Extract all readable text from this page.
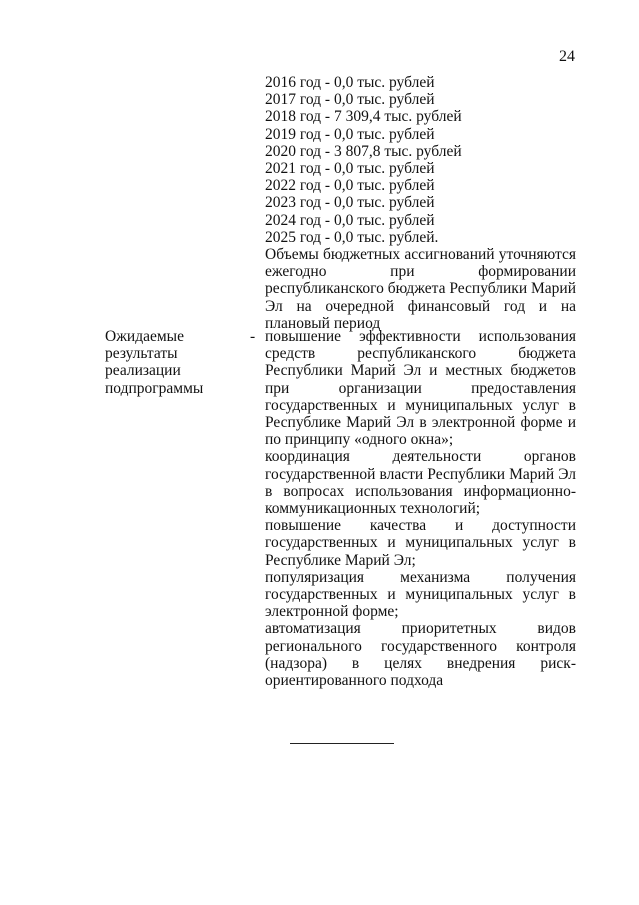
24
2016 год - 0,0 тыс. рублей
2017 год - 0,0 тыс. рублей
2018 год - 7 309,4 тыс. рублей
2019 год - 0,0 тыс. рублей
2020 год - 3 807,8 тыс. рублей
2021 год - 0,0 тыс. рублей
2022 год - 0,0 тыс. рублей
2023 год - 0,0 тыс. рублей
2024 год - 0,0 тыс. рублей
2025 год - 0,0 тыс. рублей.
Объемы бюджетных ассигнований уточняются ежегодно при формировании республиканского бюджета Республики Марий Эл на очередной финансовый год и на плановый период
Ожидаемые результаты реализации подпрограммы
- повышение эффективности использования средств республиканского бюджета Республики Марий Эл и местных бюджетов при организации предоставления государственных и муниципальных услуг в Республике Марий Эл в электронной форме и по принципу «одного окна»;
координация деятельности органов государственной власти Республики Марий Эл в вопросах использования информационно-коммуникационных технологий;
повышение качества и доступности государственных и муниципальных услуг в Республике Марий Эл;
популяризация механизма получения государственных и муниципальных услуг в электронной форме;
автоматизация приоритетных видов регионального государственного контроля (надзора) в целях внедрения риск-ориентированного подхода
